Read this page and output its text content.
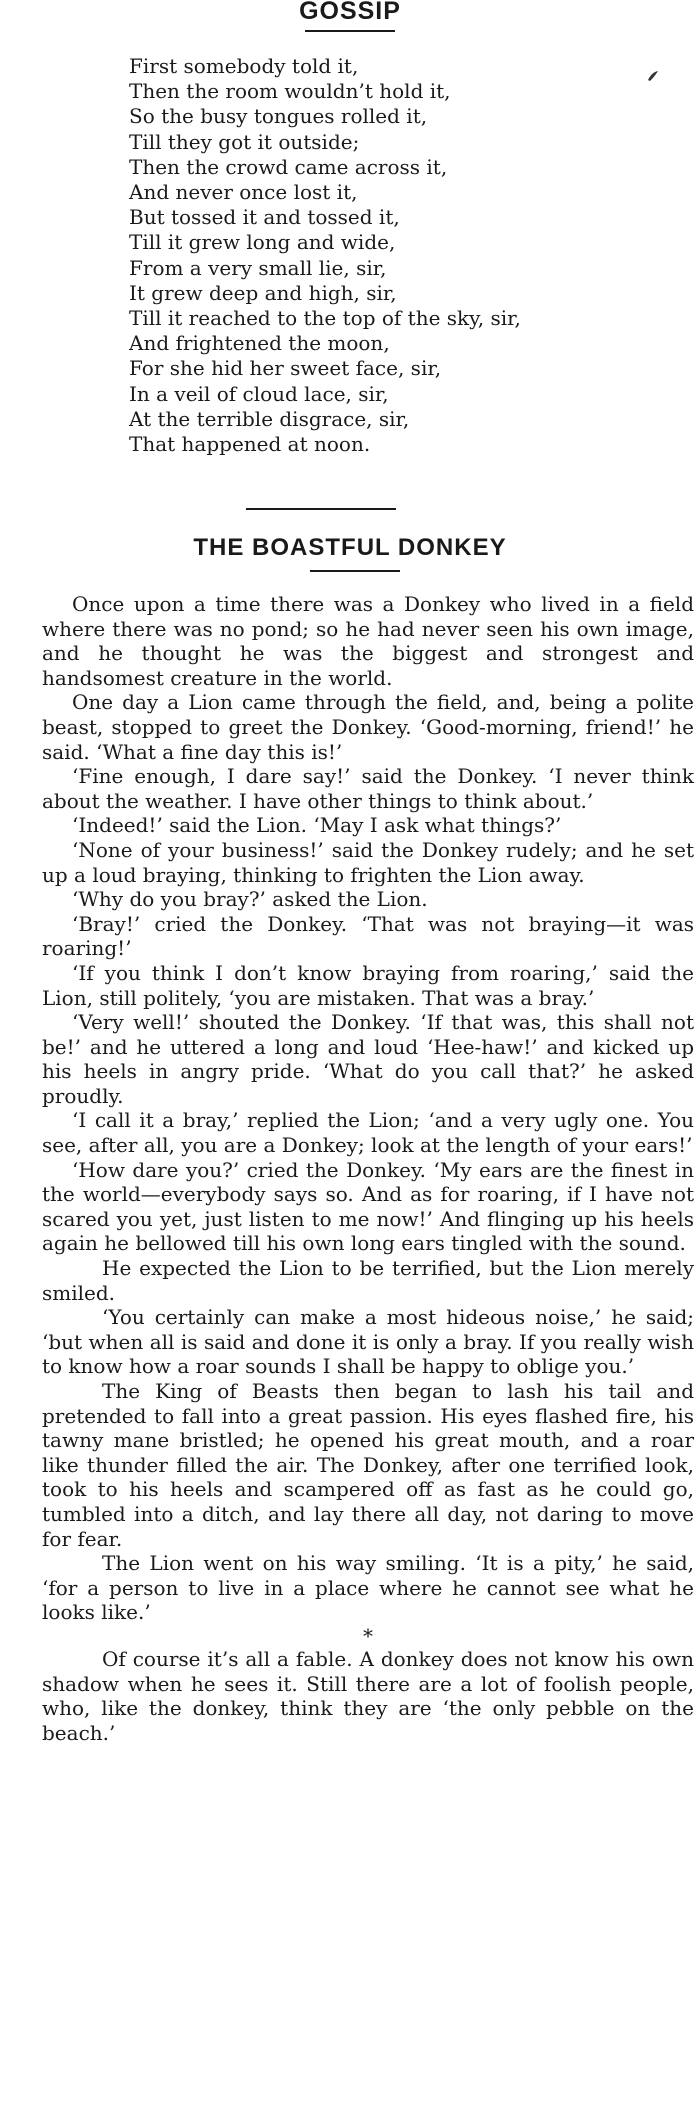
GOSSIP
First somebody told it,
Then the room wouldn’t hold it,
So the busy tongues rolled it,
Till they got it outside;
Then the crowd came across it,
And never once lost it,
But tossed it and tossed it,
Till it grew long and wide,
From a very small lie, sir,
It grew deep and high, sir,
Till it reached to the top of the sky, sir,
And frightened the moon,
For she hid her sweet face, sir,
In a veil of cloud lace, sir,
At the terrible disgrace, sir,
That happened at noon.
THE BOASTFUL DONKEY

Once upon a time there was a Donkey who lived in a field where there was no pond; so he had never seen his own image, and he thought he was the biggest and strongest and handsomest creature in the world.

One day a Lion came through the field, and, being a polite beast, stopped to greet the Donkey. ‘Good-morning, friend!’ he said. ‘What a fine day this is!’

‘Fine enough, I dare say!’ said the Donkey. ‘I never think about the weather. I have other things to think about.’

‘Indeed!’ said the Lion. ‘May I ask what things?’

‘None of your business!’ said the Donkey rudely; and he set up a loud braying, thinking to frighten the Lion away.

‘Why do you bray?’ asked the Lion.

‘Bray!’ cried the Donkey. ‘That was not braying—it was roaring!’

‘If you think I don’t know braying from roaring,’ said the Lion, still politely, ‘you are mistaken. That was a bray.’

‘Very well!’ shouted the Donkey. ‘If that was, this shall not be!’ and he uttered a long and loud ‘Hee-haw!’ and kicked up his heels in angry pride. ‘What do you call that?’ he asked proudly.

‘I call it a bray,’ replied the Lion; ‘and a very ugly one. You see, after all, you are a Donkey; look at the length of your ears!’

‘How dare you?’ cried the Donkey. ‘My ears are the finest in the world—everybody says so. And as for roaring, if I have not scared you yet, just listen to me now!’ And flinging up his heels again he bellowed till his own long ears tingled with the sound.

He expected the Lion to be terrified, but the Lion merely smiled.

‘You certainly can make a most hideous noise,’ he said; ‘but when all is said and done it is only a bray. If you really wish to know how a roar sounds I shall be happy to oblige you.’

The King of Beasts then began to lash his tail and pretended to fall into a great passion. His eyes flashed fire, his tawny mane bristled; he opened his great mouth, and a roar like thunder filled the air. The Donkey, after one terrified look, took to his heels and scampered off as fast as he could go, tumbled into a ditch, and lay there all day, not daring to move for fear.

The Lion went on his way smiling. ‘It is a pity,’ he said, ‘for a person to live in a place where he cannot see what he looks like.’

*

Of course it’s all a fable. A donkey does not know his own shadow when he sees it. Still there are a lot of foolish people, who, like the donkey, think they are ‘the only pebble on the beach.’
